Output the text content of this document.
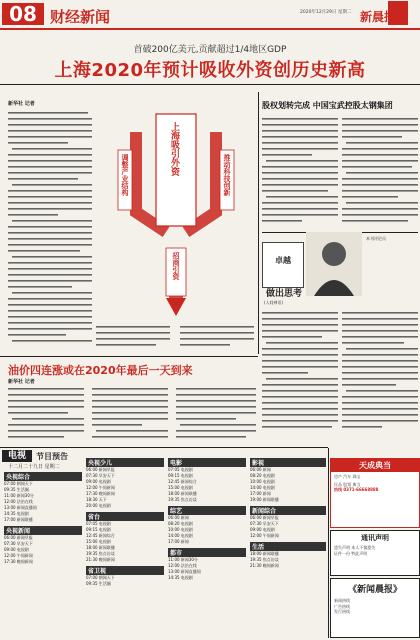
08 财经新闻	2020年12月29日 星期二 新晨报
首破200亿美元,贡献超过1/4地区GDP
上海2020年预计吸收外资创历史新高
新华社 记者
上海吸引外资
调整产业结构	推动科技创新
招商引资
股权划转完成 中国宝武控股太钢集团
卓越
本刊评论员
做出思考
(人间禅语)
油价四连涨或在2020年最后一天到来
新华社 记者
电视	节目预告
十二月二十九日 星期二
央视综合
07:00 朝闻天下
09:35 生活圈
11:00 新闻30分
12:00 法治在线
13:00 新闻直播间
14:35 电视剧
17:00 新闻联播
央视新闻
06:00 新闻早报
07:30 早安天下
09:00 电视剧
12:00 午间新闻
17:30 晚间新闻
央视少儿
06:00 新闻早报
07:30 早安天下
09:00 电视剧
12:00 午间新闻
17:30 晚间新闻
18:30 天下
20:00 电视剧
省台
07:05 电视剧
09:15 电视剧
12:45 新闻综合
15:00 电视剧
18:00 新闻联播
19:35 焦点访谈
21:30 晚间新闻
省卫视
07:00 朝闻天下
09:35 生活圈
电影
07:05 电视剧
09:15 电视剧
12:45 新闻综合
15:00 电视剧
18:00 新闻联播
19:35 焦点访谈
综艺
06:00 新闻
08:20 电视剧
10:00 电视剧
14:00 电视剧
17:00 新闻
都市
11:00 新闻30分
12:00 法治在线
13:00 新闻直播间
14:35 电视剧
影视
06:00 新闻
08:20 电视剧
10:00 电视剧
14:00 电视剧
17:00 新闻
19:00 新闻联播
新闻综合
06:00 新闻早报
07:30 早安天下
09:00 电视剧
12:00 午间新闻
生活
18:00 新闻联播
19:35 焦点访谈
21:30 晚间新闻
天成典当
房产 汽车 珠宝
民品 股票 典当
热线 0371-66668888
通讯声明
遗失声明 本人不慎遗失
证件一份 特此声明
《新闻晨报》
新闻热线
广告热线
发行热线
